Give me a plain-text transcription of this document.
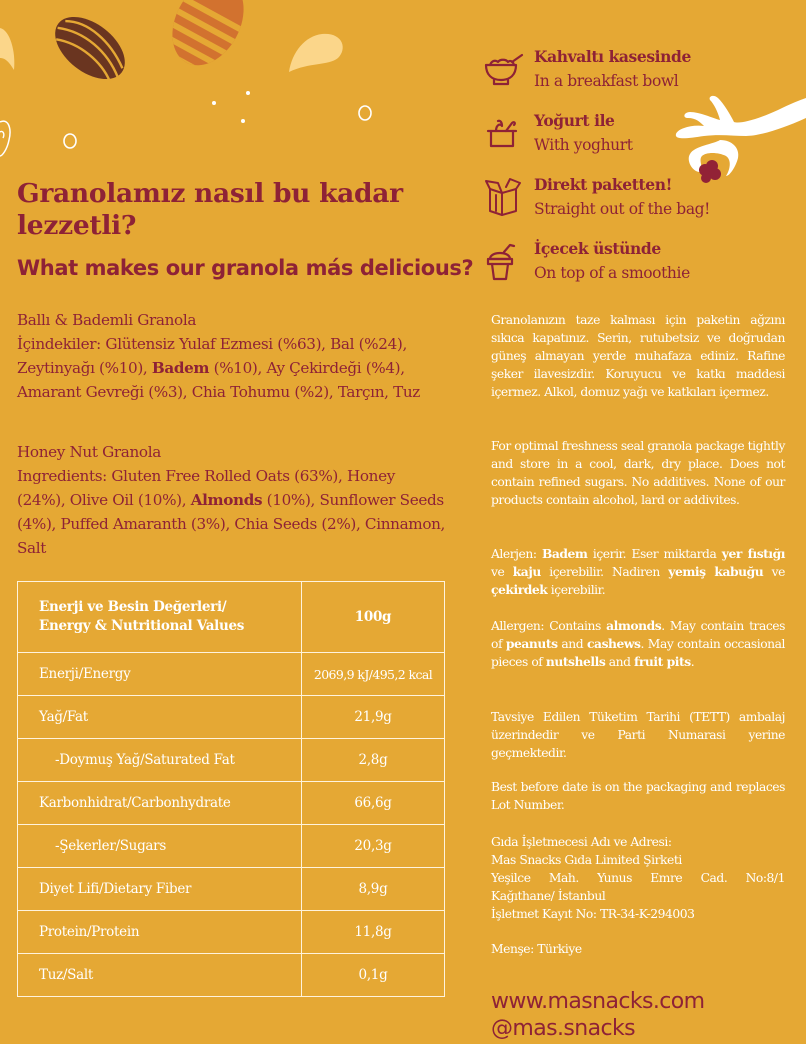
Granolamız nasıl bu kadar lezzetli?
What makes our granola más delicious?
Ballı & Bademli Granola
İçindekiler: Glütensiz Yulaf Ezmesi (%63), Bal (%24), Zeytinyağı (%10), Badem (%10), Ay Çekirdeği (%4), Amarant Gevreği (%3), Chia Tohumu (%2), Tarçın, Tuz
Honey Nut Granola
Ingredients: Gluten Free Rolled Oats (63%), Honey (24%), Olive Oil (10%), Almonds (10%), Sunflower Seeds (4%), Puffed Amaranth (3%), Chia Seeds (2%), Cinnamon, Salt
Enerji ve Besin Değerleri/
Energy & Nutritional Values	100g
Enerji/Energy	2069,9 kJ/495,2 kcal
Yağ/Fat	21,9g
-Doymuş Yağ/Saturated Fat	2,8g
Karbonhidrat/Carbonhydrate	66,6g
-Şekerler/Sugars	20,3g
Diyet Lifi/Dietary Fiber	8,9g
Protein/Protein	11,8g
Tuz/Salt	0,1g
Kahvaltı kasesinde
In a breakfast bowl
Yoğurt ile
With yoghurt
Direkt paketten!
Straight out of the bag!
İçecek üstünde
On top of a smoothie

Granolanızın taze kalması için paketin ağzını sıkıca kapatınız. Serin, rutubetsiz ve doğrudan güneş almayan yerde muhafaza ediniz. Rafine şeker ilavesizdir. Koruyucu ve katkı maddesi içermez. Alkol, domuz yağı ve katkıları içermez.

For optimal freshness seal granola package tightly and store in a cool, dark, dry place. Does not contain refined sugars. No additives. None of our products contain alcohol, lard or addivites.

Alerjen: Badem içerir. Eser miktarda yer fıstığı ve kaju içerebilir. Nadiren yemiş kabuğu ve çekirdek içerebilir.

Allergen: Contains almonds. May contain traces of peanuts and cashews. May contain occasional pieces of nutshells and fruit pits.

Tavsiye Edilen Tüketim Tarihi (TETT) ambalaj üzerindedir ve Parti Numarasi yerine geçmektedir.

Best before date is on the packaging and replaces Lot Number.

Gıda İşletmecesi Adı ve Adresi:
Mas Snacks Gıda Limited Şirketi
Yeşilce Mah. Yunus Emre Cad. No:8/1
Kağıthane/ İstanbul
İşletmet Kayıt No: TR-34-K-294003

Menşe: Türkiye

www.masnacks.com

@mas.snacks
